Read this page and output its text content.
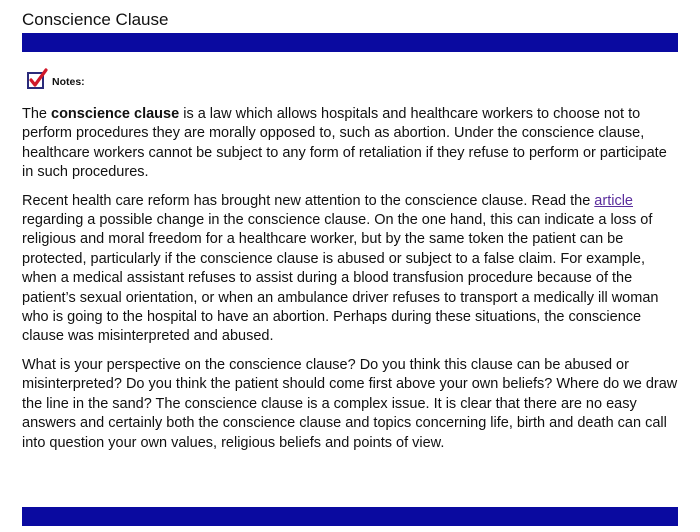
Conscience Clause
Notes:

The conscience clause is a law which allows hospitals and healthcare workers to choose not to perform procedures they are morally opposed to, such as abortion. Under the conscience clause, healthcare workers cannot be subject to any form of retaliation if they refuse to perform or participate in such procedures.

Recent health care reform has brought new attention to the conscience clause. Read the article regarding a possible change in the conscience clause. On the one hand, this can indicate a loss of religious and moral freedom for a healthcare worker, but by the same token the patient can be protected, particularly if the conscience clause is abused or subject to a false claim. For example, when a medical assistant refuses to assist during a blood transfusion procedure because of the patient’s sexual orientation, or when an ambulance driver refuses to transport a medically ill woman who is going to the hospital to have an abortion. Perhaps during these situations, the conscience clause was misinterpreted and abused.

What is your perspective on the conscience clause? Do you think this clause can be abused or misinterpreted? Do you think the patient should come first above your own beliefs? Where do we draw the line in the sand? The conscience clause is a complex issue. It is clear that there are no easy answers and certainly both the conscience clause and topics concerning life, birth and death can call into question your own values, religious beliefs and points of view.
